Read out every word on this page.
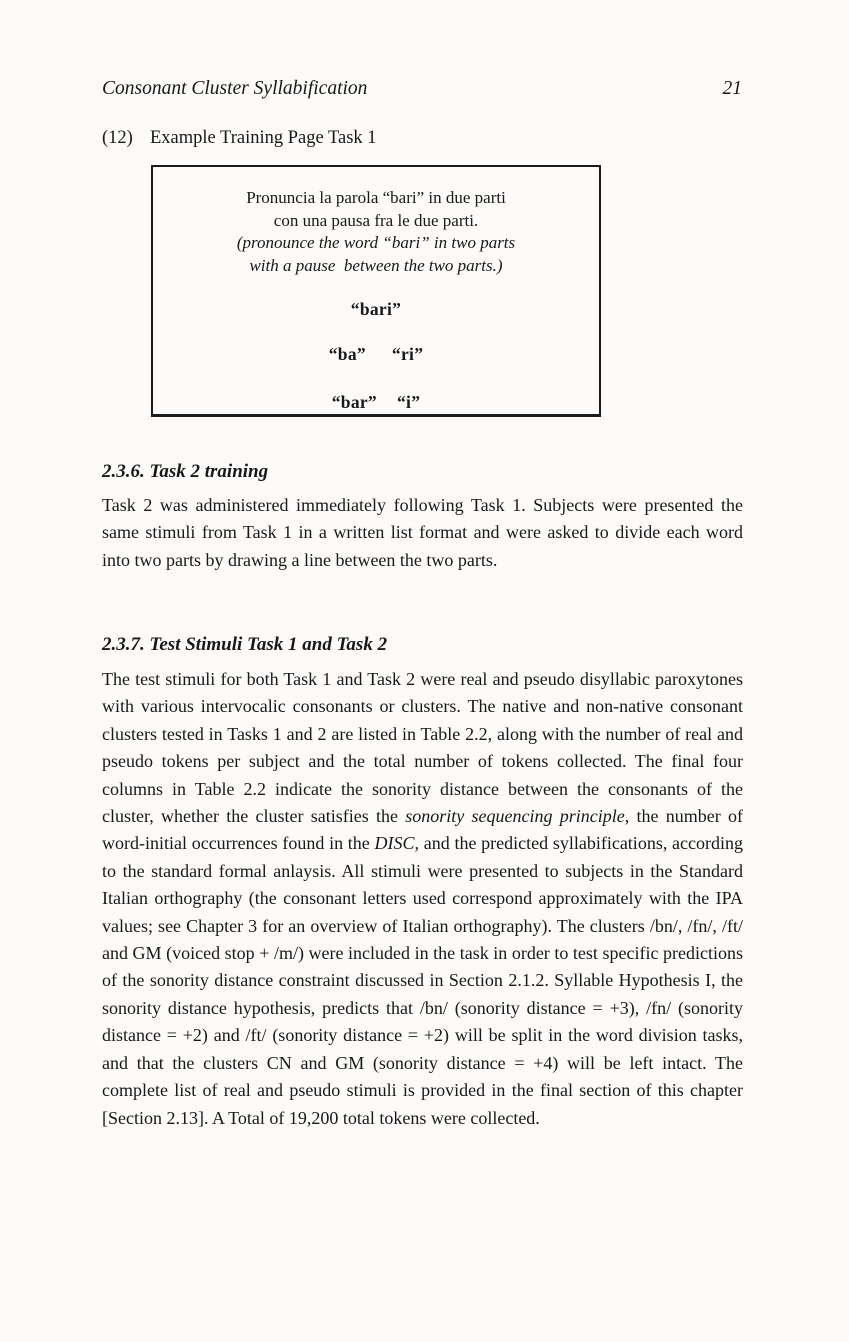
Consonant Cluster Syllabification	21
(12) Example Training Page Task 1
Pronuncia la parola “bari” in due parti
con una pausa fra le due parti.
(pronounce the word “bari” in two parts
with a pause  between the two parts.)
“bari”
“ba” “ri”
“bar” “i”
2.3.6. Task 2 training
Task 2 was administered immediately following Task 1. Subjects were presented the same stimuli from Task 1 in a written list format and were asked to divide each word into two parts by drawing a line between the two parts.
2.3.7. Test Stimuli Task 1 and Task 2
The test stimuli for both Task 1 and Task 2 were real and pseudo disyllabic paroxytones with various intervocalic consonants or clusters. The native and non-native consonant clusters tested in Tasks 1 and 2 are listed in Table 2.2, along with the number of real and pseudo tokens per subject and the total number of tokens collected. The final four columns in Table 2.2 indicate the sonority distance between the consonants of the cluster, whether the cluster satisfies the sonority sequencing principle, the number of word-initial occurrences found in the DISC, and the predicted syllabifications, according to the standard formal anlaysis. All stimuli were presented to subjects in the Standard Italian orthography (the consonant letters used correspond approximately with the IPA values; see Chapter 3 for an overview of Italian orthography). The clusters /bn/, /fn/, /ft/ and GM (voiced stop + /m/) were included in the task in order to test specific predictions of the sonority distance constraint discussed in Section 2.1.2. Syllable Hypothesis I, the sonority distance hypothesis, predicts that /bn/ (sonority distance = +3), /fn/ (sonority distance = +2) and /ft/ (sonority distance = +2) will be split in the word division tasks, and that the clusters CN and GM (sonority distance = +4) will be left intact. The complete list of real and pseudo stimuli is provided in the final section of this chapter [Section 2.13]. A Total of 19,200 total tokens were collected.
